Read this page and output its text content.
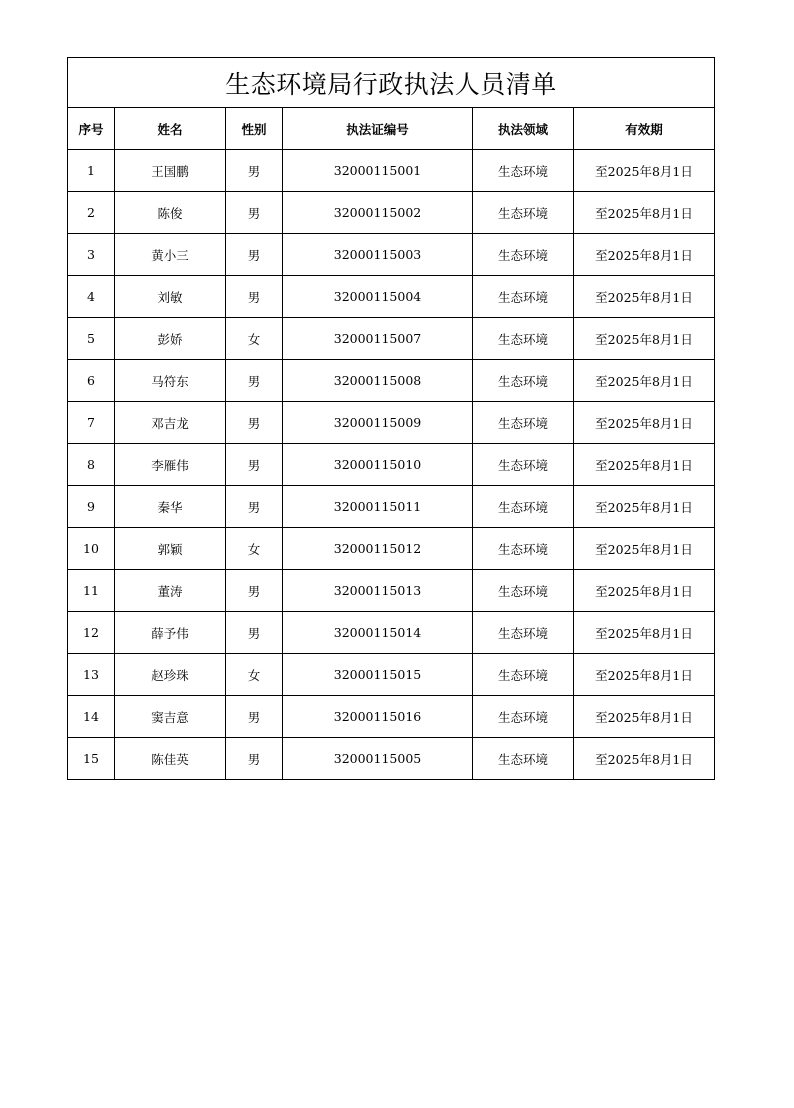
生态环境局行政执法人员清单					
序号	姓名	性别	执法证编号	执法领域	有效期
1	王国鹏	男	32000115001	生态环境	至2025年8月1日
2	陈俊	男	32000115002	生态环境	至2025年8月1日
3	黄小三	男	32000115003	生态环境	至2025年8月1日
4	刘敏	男	32000115004	生态环境	至2025年8月1日
5	彭娇	女	32000115007	生态环境	至2025年8月1日
6	马符东	男	32000115008	生态环境	至2025年8月1日
7	邓吉龙	男	32000115009	生态环境	至2025年8月1日
8	李雁伟	男	32000115010	生态环境	至2025年8月1日
9	秦华	男	32000115011	生态环境	至2025年8月1日
10	郭颖	女	32000115012	生态环境	至2025年8月1日
11	董涛	男	32000115013	生态环境	至2025年8月1日
12	薛予伟	男	32000115014	生态环境	至2025年8月1日
13	赵珍珠	女	32000115015	生态环境	至2025年8月1日
14	窦吉意	男	32000115016	生态环境	至2025年8月1日
15	陈佳英	男	32000115005	生态环境	至2025年8月1日
